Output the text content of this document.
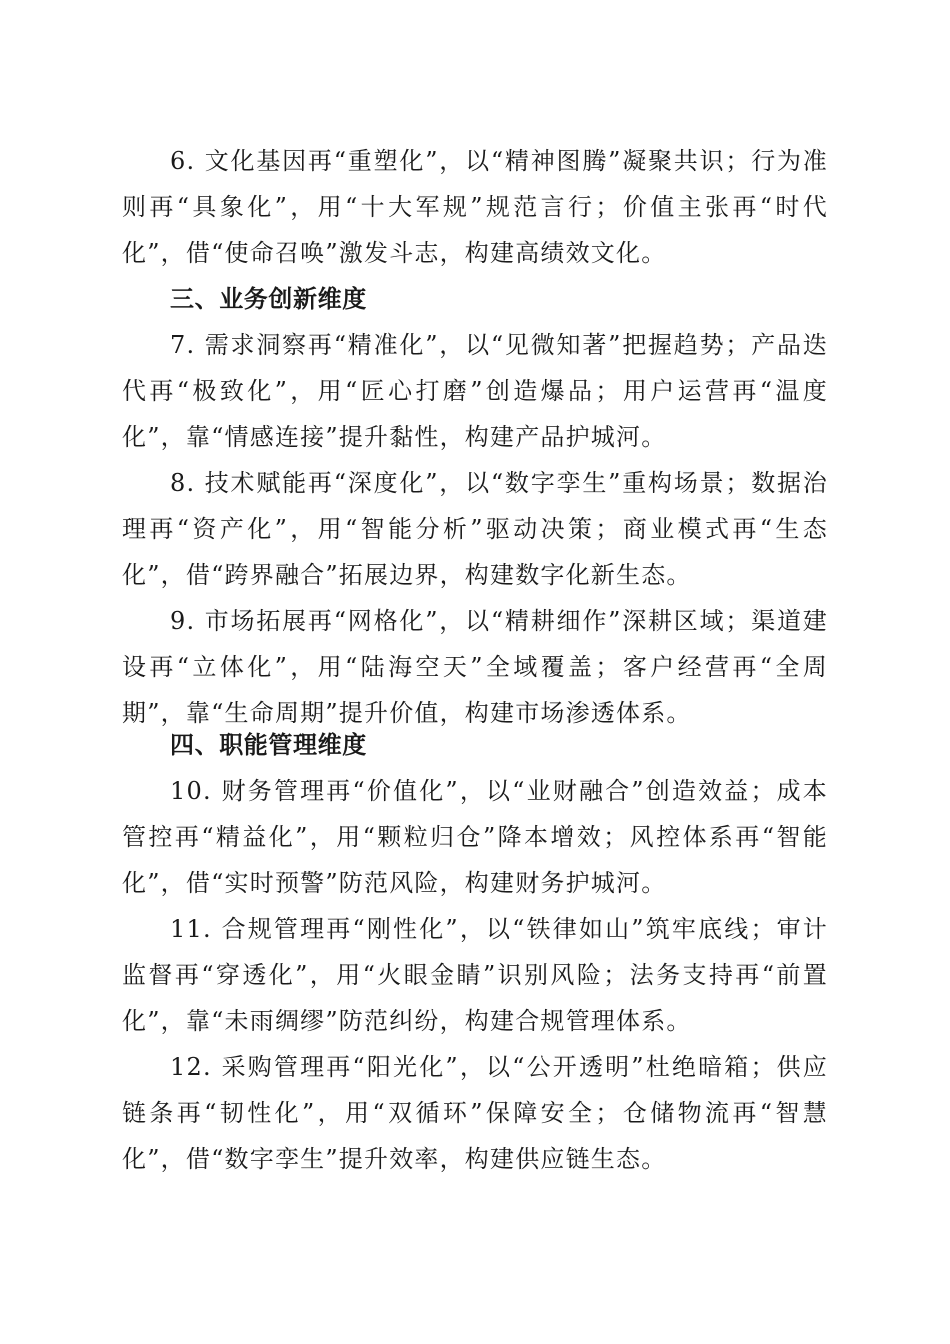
6. 文化基因再“重塑化”，以“精神图腾”凝聚共识；行为准则再“具象化”，用“十大军规”规范言行；价值主张再“时代化”，借“使命召唤”激发斗志，构建高绩效文化。

三、业务创新维度

7. 需求洞察再“精准化”，以“见微知著”把握趋势；产品迭代再“极致化”，用“匠心打磨”创造爆品；用户运营再“温度化”，靠“情感连接”提升黏性，构建产品护城河。

8. 技术赋能再“深度化”，以“数字孪生”重构场景；数据治理再“资产化”，用“智能分析”驱动决策；商业模式再“生态化”，借“跨界融合”拓展边界，构建数字化新生态。

9. 市场拓展再“网格化”，以“精耕细作”深耕区域；渠道建设再“立体化”，用“陆海空天”全域覆盖；客户经营再“全周期”，靠“生命周期”提升价值，构建市场渗透体系。

四、职能管理维度

10. 财务管理再“价值化”，以“业财融合”创造效益；成本管控再“精益化”，用“颗粒归仓”降本增效；风控体系再“智能化”，借“实时预警”防范风险，构建财务护城河。

11. 合规管理再“刚性化”，以“铁律如山”筑牢底线；审计监督再“穿透化”，用“火眼金睛”识别风险；法务支持再“前置化”，靠“未雨绸缪”防范纠纷，构建合规管理体系。

12. 采购管理再“阳光化”，以“公开透明”杜绝暗箱；供应链条再“韧性化”，用“双循环”保障安全；仓储物流再“智慧化”，借“数字孪生”提升效率，构建供应链生态。
